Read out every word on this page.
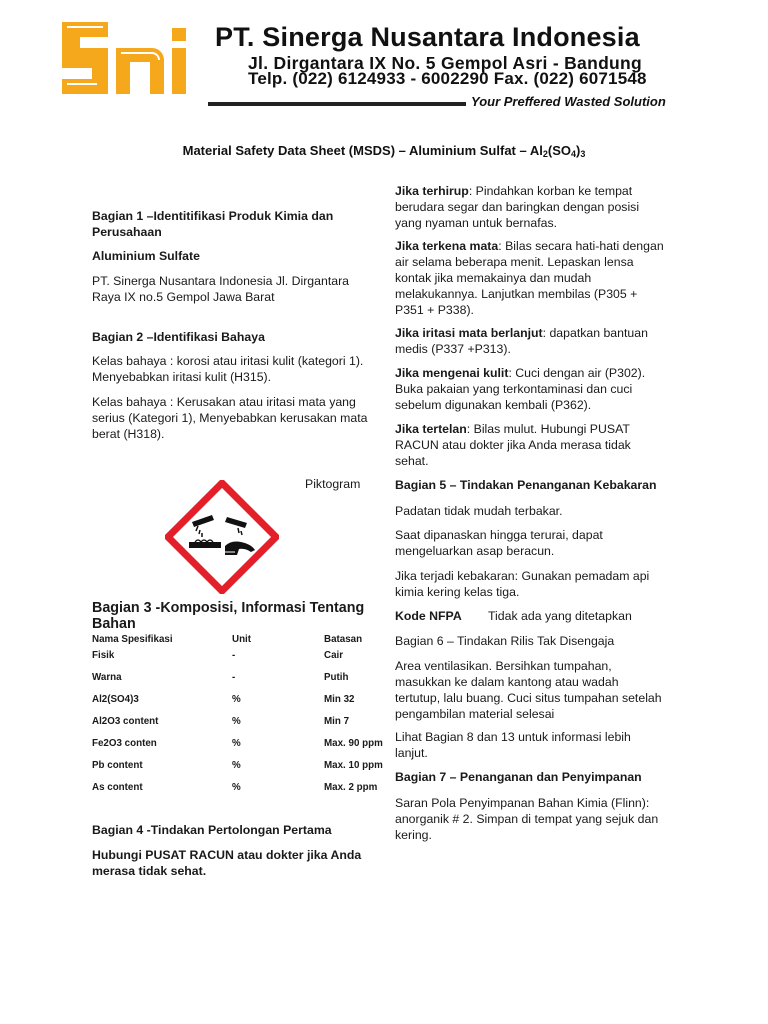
PT. Sinerga Nusantara Indonesia
Jl. Dirgantara IX No. 5 Gempol Asri - Bandung
Telp. (022) 6124933 - 6002290 Fax. (022) 6071548
Your Preffered Wasted Solution
Material Safety Data Sheet (MSDS) – Aluminium Sulfat – $Al_2(SO_4)_3$
Bagian 1 –Identitifikasi Produk Kimia dan Perusahaan
Aluminium Sulfate
PT. Sinerga Nusantara Indonesia Jl. Dirgantara Raya IX no.5 Gempol Jawa Barat
Bagian 2 –Identifikasi Bahaya
Kelas bahaya : korosi atau iritasi kulit (kategori 1). Menyebabkan iritasi kulit (H315).
Kelas bahaya : Kerusakan atau iritasi mata yang serius (Kategori 1), Menyebabkan kerusakan mata berat (H318).
Piktogram
Bagian 3 -Komposisi, Informasi Tentang Bahan
Nama Spesifikasi	Unit	Batasan
Fisik	-	Cair
Warna	-	Putih
Al2(SO4)3	%	Min 32
Al2O3 content	%	Min 7
Fe2O3 conten	%	Max. 90 ppm
Pb content	%	Max. 10 ppm
As content	%	Max. 2 ppm
Bagian 4 -Tindakan Pertolongan Pertama
Hubungi PUSAT RACUN atau dokter jika Anda merasa tidak sehat.
Jika terhirup: Pindahkan korban ke tempat berudara segar dan baringkan dengan posisi yang nyaman untuk bernafas.
Jika terkena mata: Bilas secara hati-hati dengan air selama beberapa menit. Lepaskan lensa kontak jika memakainya dan mudah melakukannya. Lanjutkan membilas (P305 + P351 + P338).
Jika iritasi mata berlanjut: dapatkan bantuan medis (P337 +P313).
Jika mengenai kulit: Cuci dengan air (P302). Buka pakaian yang terkontaminasi dan cuci sebelum digunakan kembali (P362).
Jika tertelan: Bilas mulut. Hubungi PUSAT RACUN atau dokter jika Anda merasa tidak sehat.
Bagian 5 – Tindakan Penanganan Kebakaran
Padatan tidak mudah terbakar.
Saat dipanaskan hingga terurai, dapat mengeluarkan asap beracun.
Jika terjadi kebakaran: Gunakan pemadam api kimia kering kelas tiga.
Kode NFPA Tidak ada yang ditetapkan
Bagian 6 – Tindakan Rilis Tak Disengaja
Area ventilasikan. Bersihkan tumpahan, masukkan ke dalam kantong atau wadah tertutup, lalu buang. Cuci situs tumpahan setelah pengambilan material selesai
Lihat Bagian 8 dan 13 untuk informasi lebih lanjut.
Bagian 7 – Penanganan dan Penyimpanan
Saran Pola Penyimpanan Bahan Kimia (Flinn): anorganik # 2. Simpan di tempat yang sejuk dan kering.
